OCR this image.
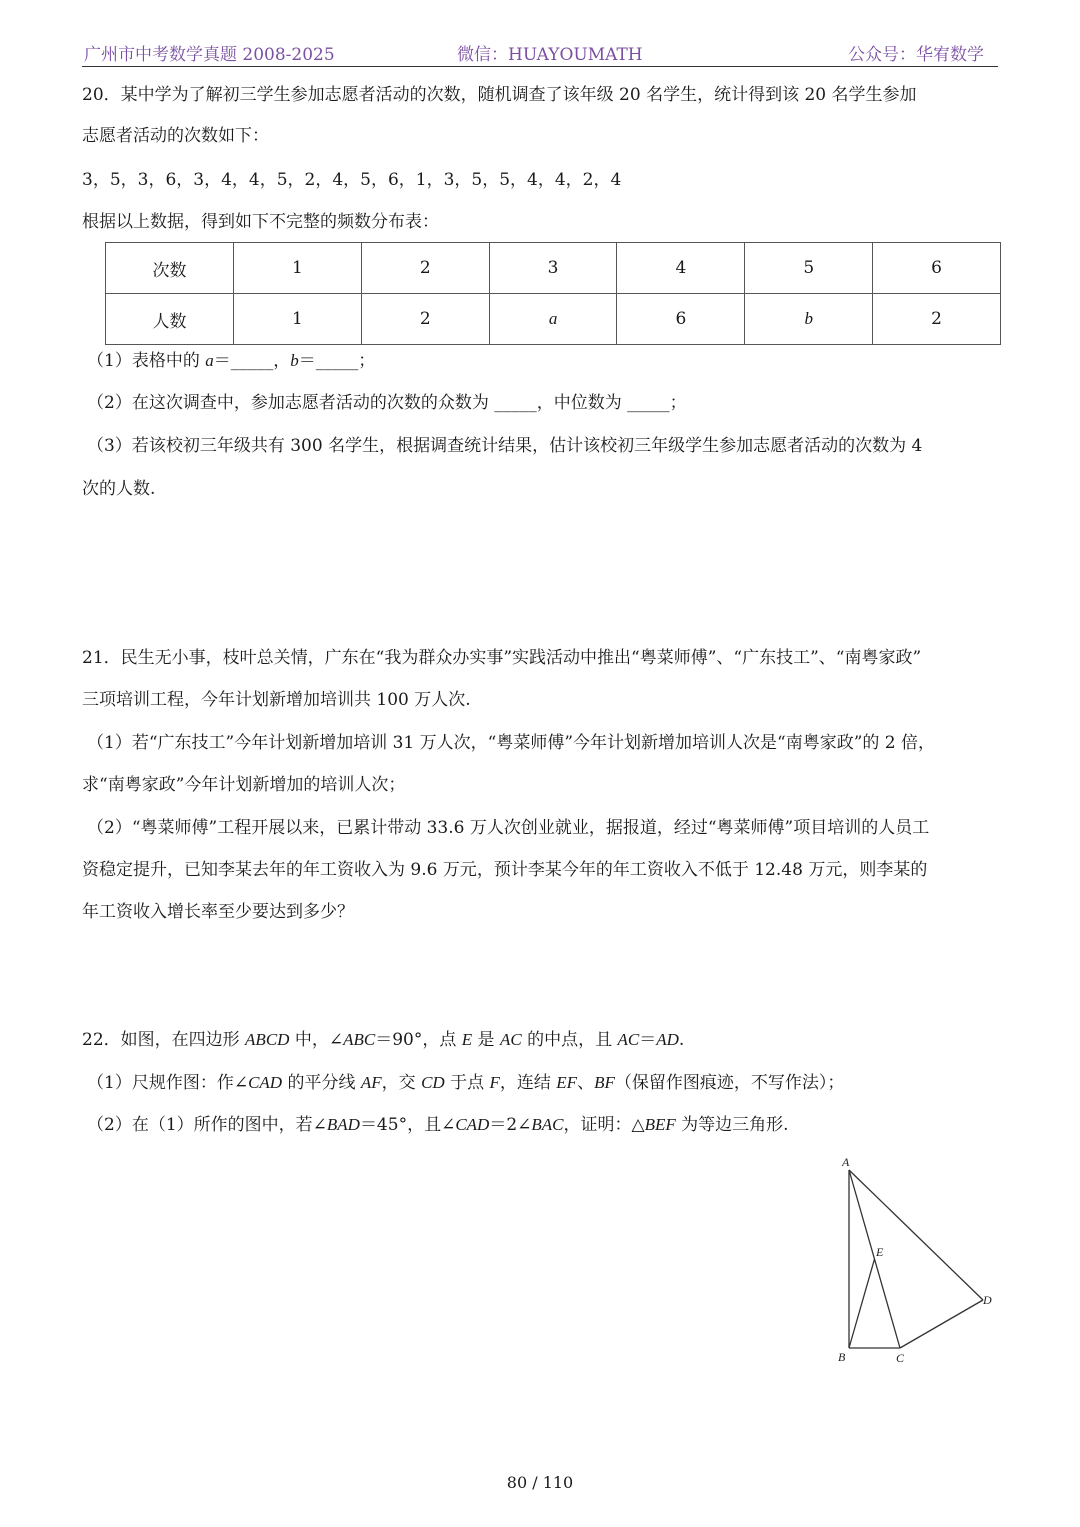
广州市中考数学真题 2008-2025	微信：HUAYOUMATH	公众号：华宥数学
20．某中学为了解初三学生参加志愿者活动的次数，随机调查了该年级 20 名学生，统计得到该 20 名学生参加
志愿者活动的次数如下：
3，5，3，6，3，4，4，5，2，4，5，6，1，3，5，5，4，4，2，4
根据以上数据，得到如下不完整的频数分布表：
次数	1	2	3	4	5	6
人数	1	2	a	6	b	2
（1）表格中的 a＝_____，b＝_____；
（2）在这次调查中，参加志愿者活动的次数的众数为 _____，中位数为 _____；
（3）若该校初三年级共有 300 名学生，根据调查统计结果，估计该校初三年级学生参加志愿者活动的次数为 4
次的人数.
21．民生无小事，枝叶总关情，广东在“我为群众办实事”实践活动中推出“粤菜师傅”、“广东技工”、“南粤家政”
三项培训工程，今年计划新增加培训共 100 万人次.
（1）若“广东技工”今年计划新增加培训 31 万人次，“粤菜师傅”今年计划新增加培训人次是“南粤家政”的 2 倍，
求“南粤家政”今年计划新增加的培训人次；
（2）“粤菜师傅”工程开展以来，已累计带动 33.6 万人次创业就业，据报道，经过“粤菜师傅”项目培训的人员工
资稳定提升，已知李某去年的年工资收入为 9.6 万元，预计李某今年的年工资收入不低于 12.48 万元，则李某的
年工资收入增长率至少要达到多少？
22．如图，在四边形 ABCD 中，∠ABC＝90°，点 E 是 AC 的中点，且 AC＝AD.
（1）尺规作图：作∠CAD 的平分线 AF，交 CD 于点 F，连结 EF、BF（保留作图痕迹，不写作法）；
（2）在（1）所作的图中，若∠BAD＝45°，且∠CAD＝2∠BAC，证明：△BEF 为等边三角形.
A
B	C
D
E
80 / 110
